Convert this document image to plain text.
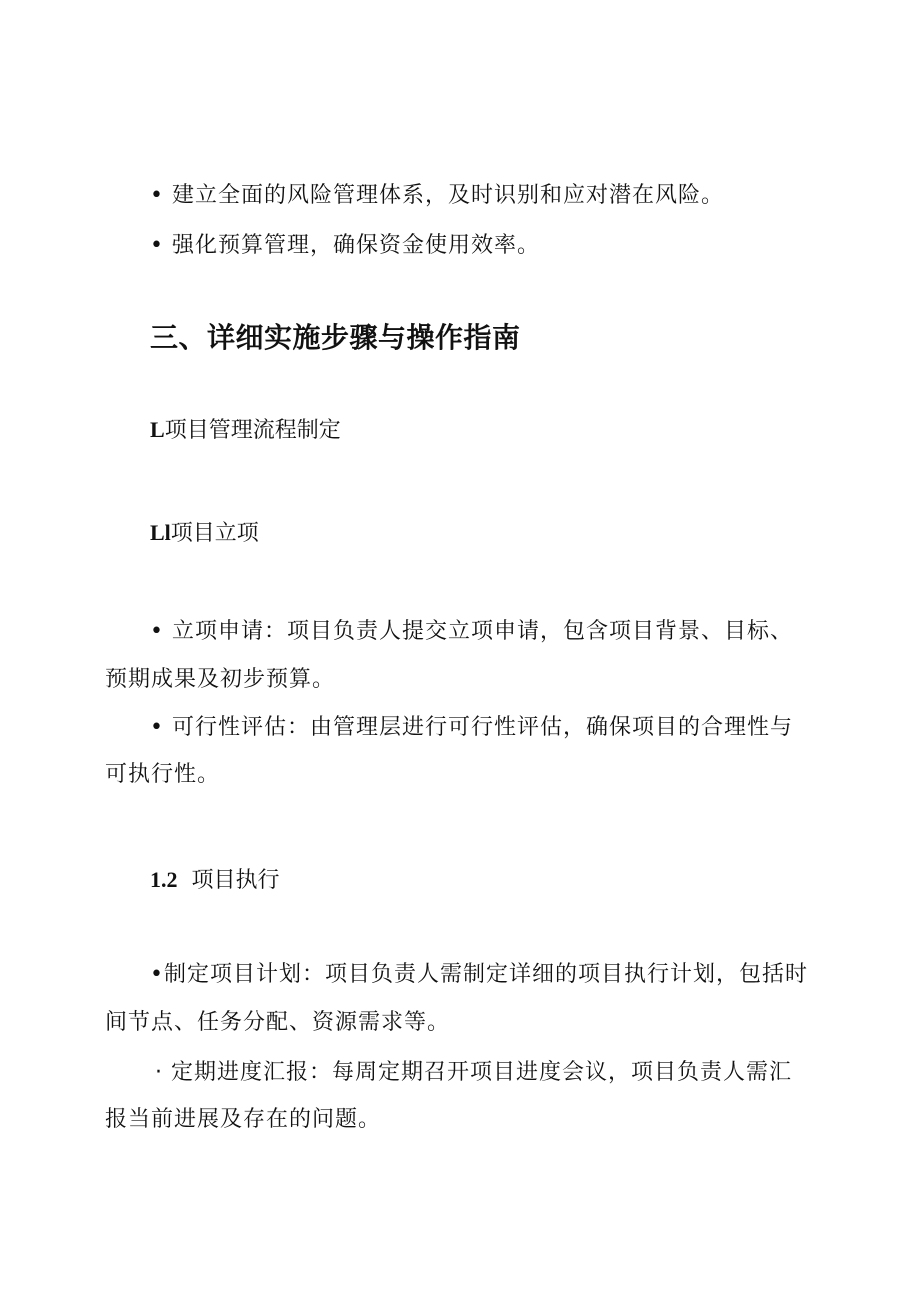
• 建立全面的风险管理体系，及时识别和应对潜在风险。
• 强化预算管理，确保资金使用效率。
三、详细实施步骤与操作指南
L项目管理流程制定
Ll项目立项
• 立项申请：项目负责人提交立项申请，包含项目背景、目标、
预期成果及初步预算。
• 可行性评估：由管理层进行可行性评估，确保项目的合理性与
可执行性。
1.2 项目执行
•制定项目计划：项目负责人需制定详细的项目执行计划，包括时
间节点、任务分配、资源需求等。
· 定期进度汇报：每周定期召开项目进度会议，项目负责人需汇
报当前进展及存在的问题。
